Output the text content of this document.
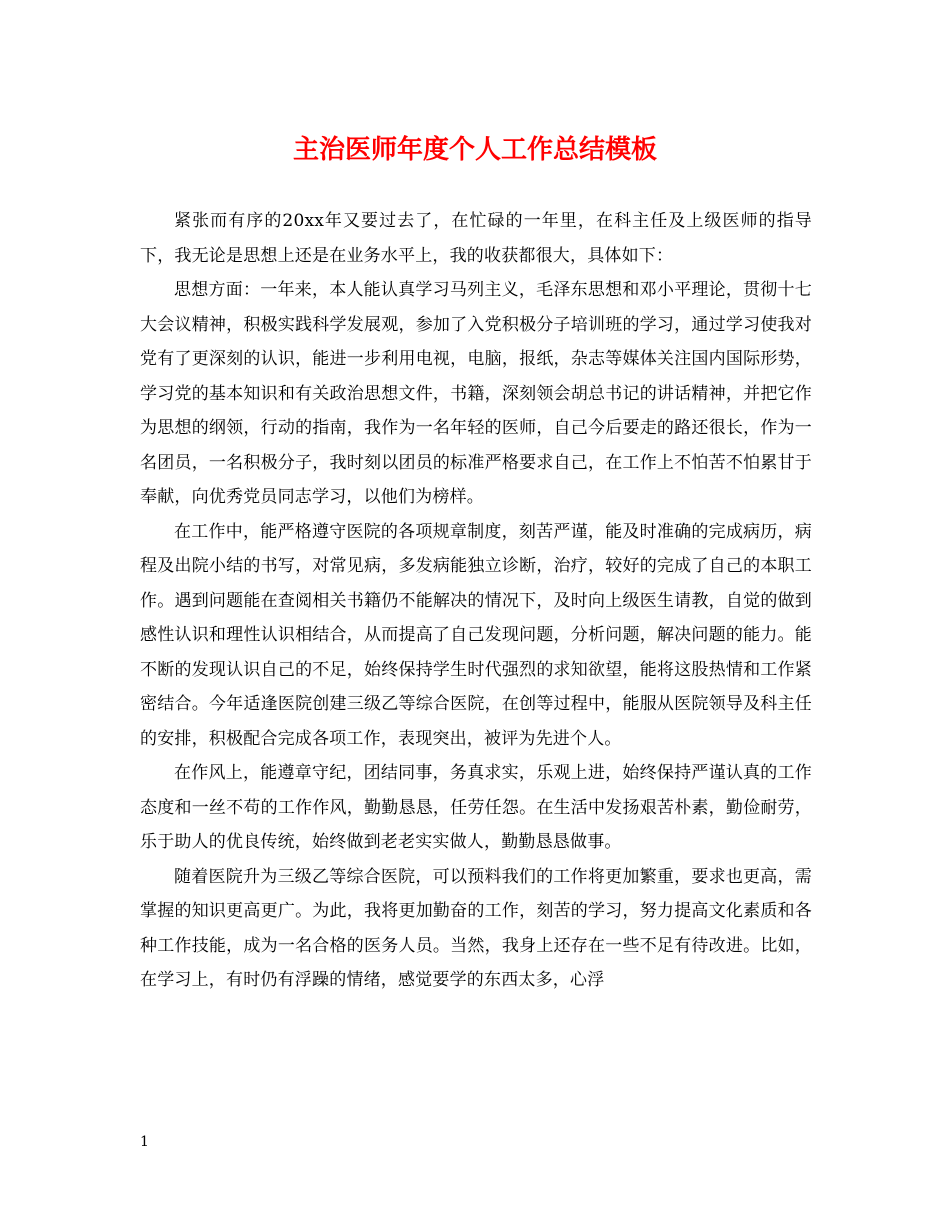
主治医师年度个人工作总结模板

紧张而有序的20xx年又要过去了，在忙碌的一年里，在科主任及上级医师的指导下，我无论是思想上还是在业务水平上，我的收获都很大，具体如下：

思想方面：一年来，本人能认真学习马列主义，毛泽东思想和邓小平理论，贯彻十七大会议精神，积极实践科学发展观，参加了入党积极分子培训班的学习，通过学习使我对党有了更深刻的认识，能进一步利用电视，电脑，报纸，杂志等媒体关注国内国际形势，学习党的基本知识和有关政治思想文件，书籍，深刻领会胡总书记的讲话精神，并把它作为思想的纲领，行动的指南，我作为一名年轻的医师，自己今后要走的路还很长，作为一名团员，一名积极分子，我时刻以团员的标准严格要求自己，在工作上不怕苦不怕累甘于奉献，向优秀党员同志学习，以他们为榜样。

在工作中，能严格遵守医院的各项规章制度，刻苦严谨，能及时准确的完成病历，病程及出院小结的书写，对常见病，多发病能独立诊断，治疗，较好的完成了自己的本职工作。遇到问题能在查阅相关书籍仍不能解决的情况下，及时向上级医生请教，自觉的做到感性认识和理性认识相结合，从而提高了自己发现问题，分析问题，解决问题的能力。能不断的发现认识自己的不足，始终保持学生时代强烈的求知欲望，能将这股热情和工作紧密结合。今年适逢医院创建三级乙等综合医院，在创等过程中，能服从医院领导及科主任的安排，积极配合完成各项工作，表现突出，被评为先进个人。

在作风上，能遵章守纪，团结同事，务真求实，乐观上进，始终保持严谨认真的工作态度和一丝不苟的工作作风，勤勤恳恳，任劳任怨。在生活中发扬艰苦朴素，勤俭耐劳，乐于助人的优良传统，始终做到老老实实做人，勤勤恳恳做事。

随着医院升为三级乙等综合医院，可以预料我们的工作将更加繁重，要求也更高，需掌握的知识更高更广。为此，我将更加勤奋的工作，刻苦的学习，努力提高文化素质和各种工作技能，成为一名合格的医务人员。当然，我身上还存在一些不足有待改进。比如，在学习上，有时仍有浮躁的情绪，感觉要学的东西太多，心浮

1
